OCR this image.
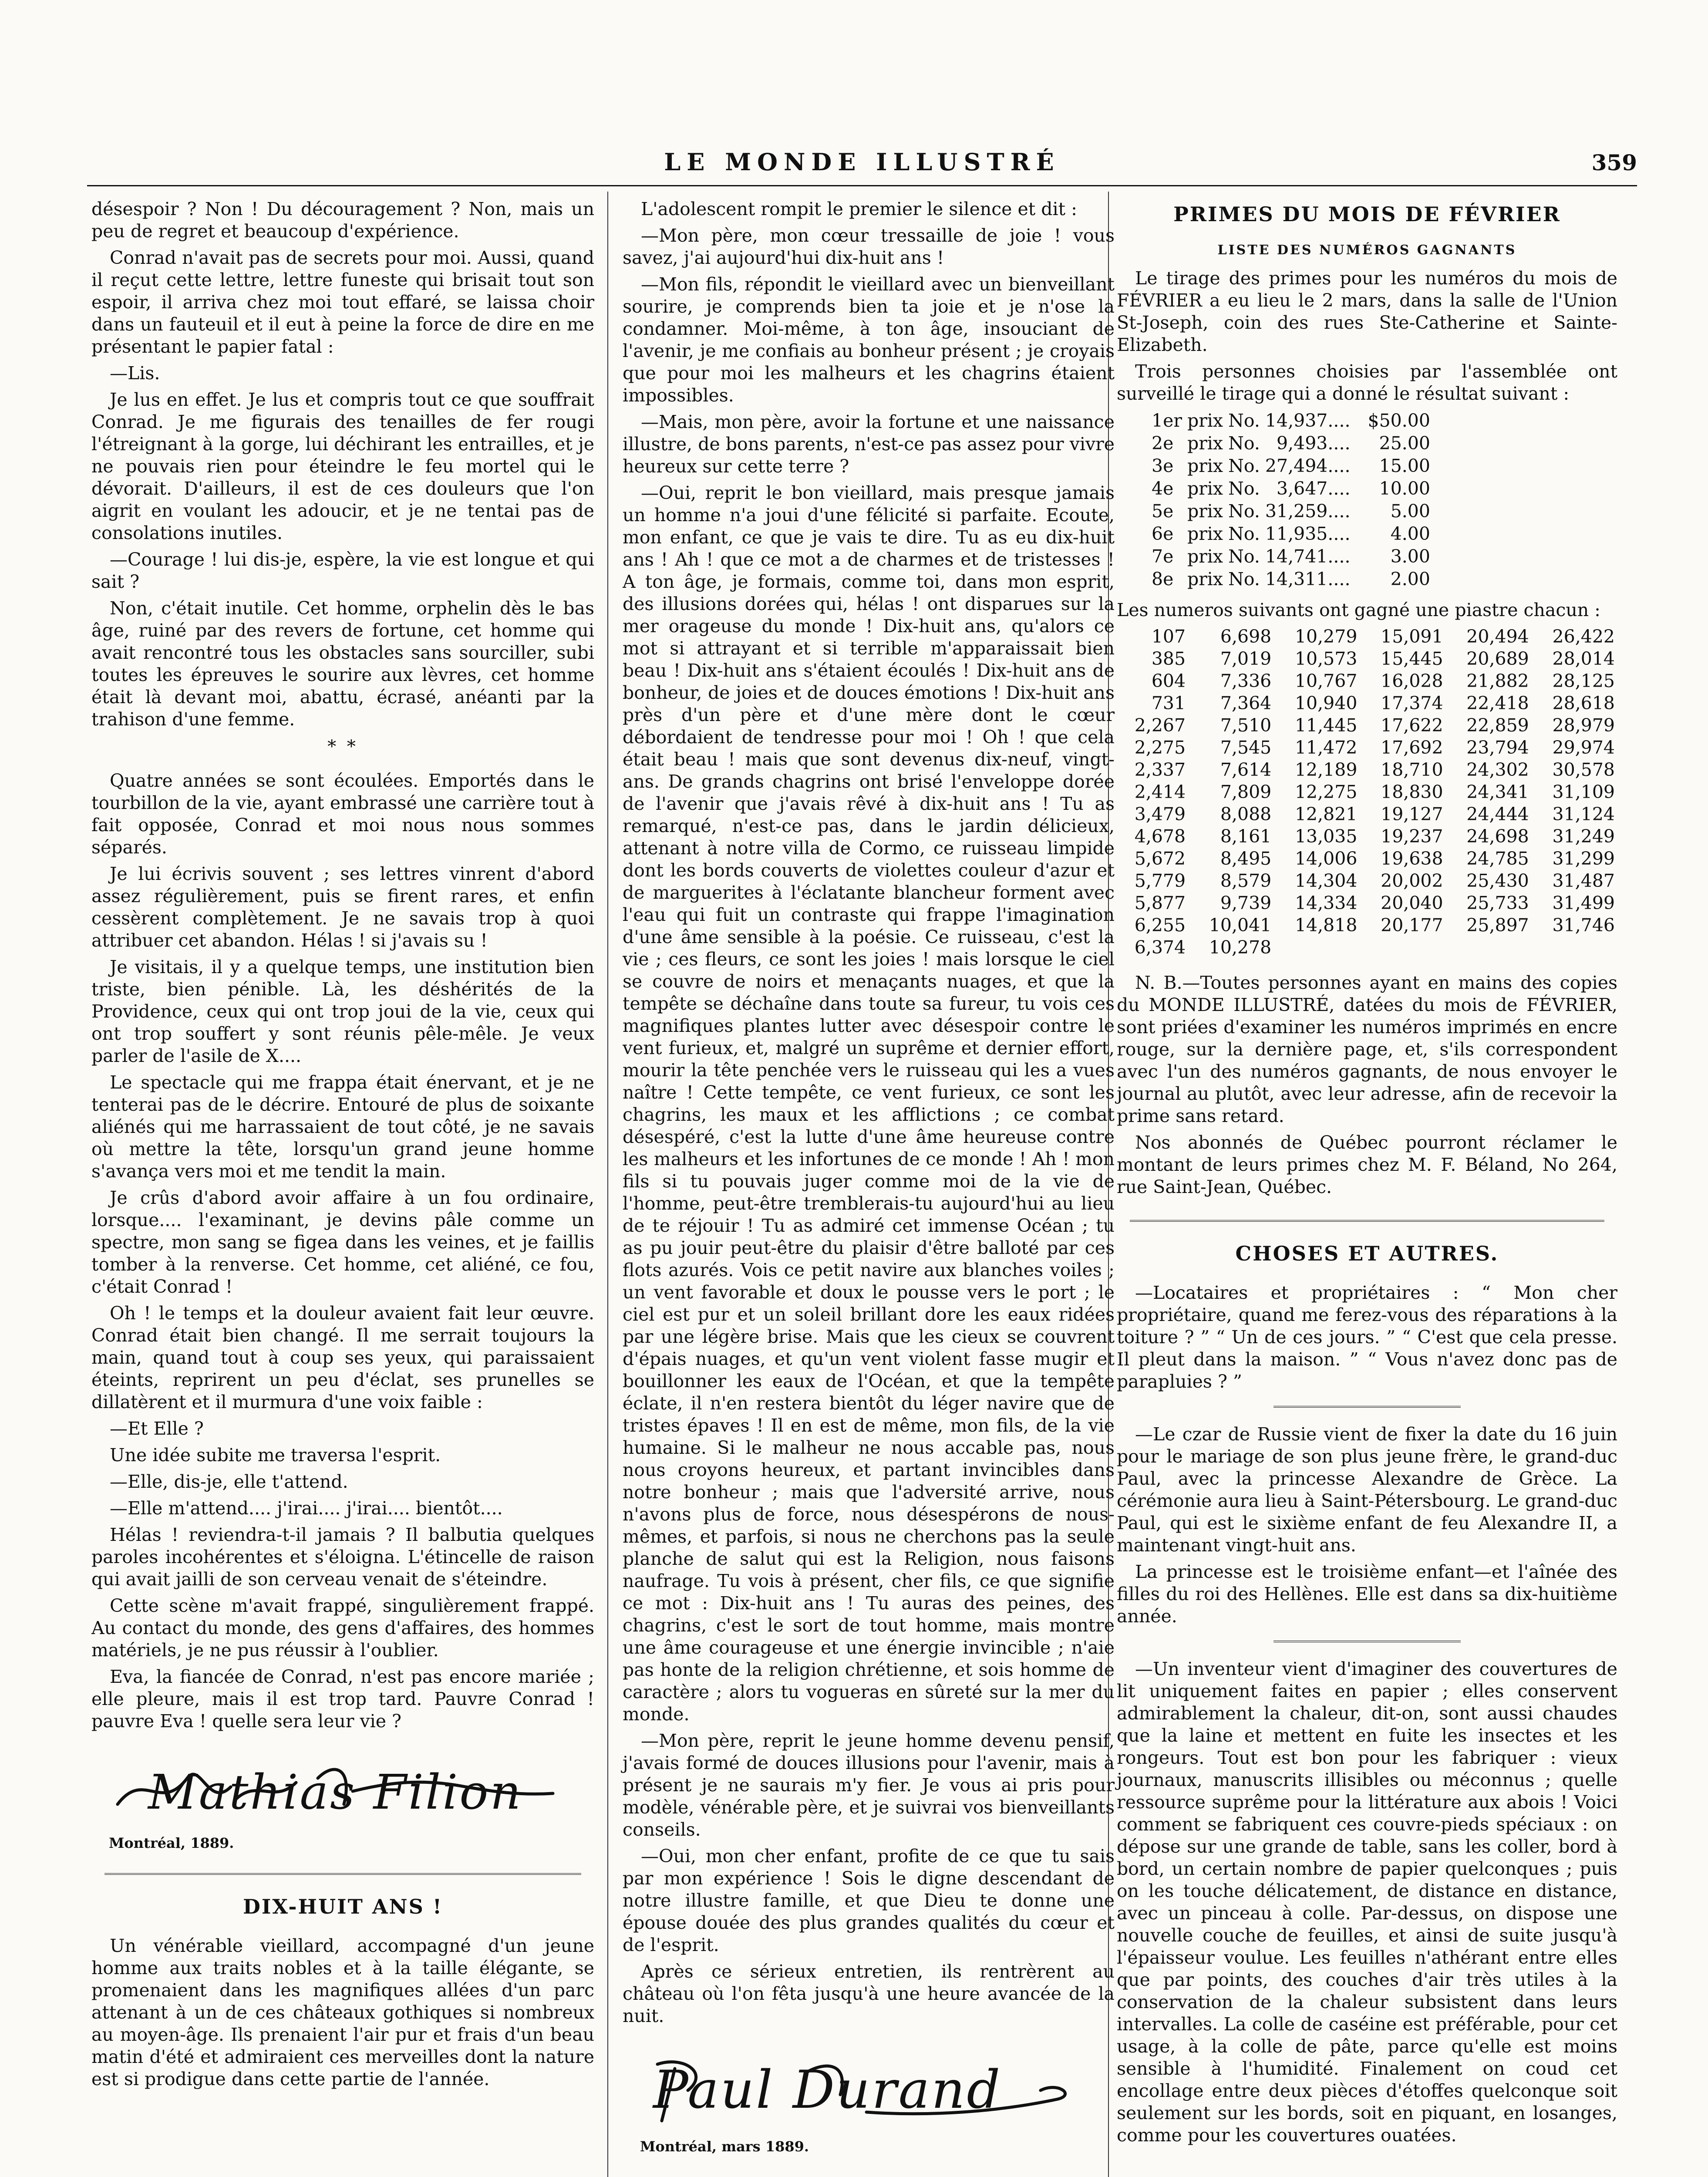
LE MONDE ILLUSTRÉ	359

désespoir ? Non ! Du découragement ? Non, mais un peu de regret et beaucoup d'expérience.

Conrad n'avait pas de secrets pour moi. Aussi, quand il reçut cette lettre, lettre funeste qui brisait tout son espoir, il arriva chez moi tout effaré, se laissa choir dans un fauteuil et il eut à peine la force de dire en me présentant le papier fatal :

—Lis.

Je lus en effet. Je lus et compris tout ce que souffrait Conrad. Je me figurais des tenailles de fer rougi l'étreignant à la gorge, lui déchirant les entrailles, et je ne pouvais rien pour éteindre le feu mortel qui le dévorait. D'ailleurs, il est de ces douleurs que l'on aigrit en voulant les adoucir, et je ne tentai pas de consolations inutiles.

—Courage ! lui dis-je, espère, la vie est longue et qui sait ?

Non, c'était inutile. Cet homme, orphelin dès le bas âge, ruiné par des revers de fortune, cet homme qui avait rencontré tous les obstacles sans sourciller, subi toutes les épreuves le sourire aux lèvres, cet homme était là devant moi, abattu, écrasé, anéanti par la trahison d'une femme.

* *

Quatre années se sont écoulées. Emportés dans le tourbillon de la vie, ayant embrassé une carrière tout à fait opposée, Conrad et moi nous nous sommes séparés.

Je lui écrivis souvent ; ses lettres vinrent d'abord assez régulièrement, puis se firent rares, et enfin cessèrent complètement. Je ne savais trop à quoi attribuer cet abandon. Hélas ! si j'avais su !

Je visitais, il y a quelque temps, une institution bien triste, bien pénible. Là, les déshérités de la Providence, ceux qui ont trop joui de la vie, ceux qui ont trop souffert y sont réunis pêle-mêle. Je veux parler de l'asile de X....

Le spectacle qui me frappa était énervant, et je ne tenterai pas de le décrire. Entouré de plus de soixante aliénés qui me harrassaient de tout côté, je ne savais où mettre la tête, lorsqu'un grand jeune homme s'avança vers moi et me tendit la main.

Je crûs d'abord avoir affaire à un fou ordinaire, lorsque.... l'examinant, je devins pâle comme un spectre, mon sang se figea dans les veines, et je faillis tomber à la renverse. Cet homme, cet aliéné, ce fou, c'était Conrad !

Oh ! le temps et la douleur avaient fait leur œuvre. Conrad était bien changé. Il me serrait toujours la main, quand tout à coup ses yeux, qui paraissaient éteints, reprirent un peu d'éclat, ses prunelles se dillatèrent et il murmura d'une voix faible :

—Et Elle ?

Une idée subite me traversa l'esprit.

—Elle, dis-je, elle t'attend.

—Elle m'attend.... j'irai.... j'irai.... bientôt....

Hélas ! reviendra-t-il jamais ? Il balbutia quelques paroles incohérentes et s'éloigna. L'étincelle de raison qui avait jailli de son cerveau venait de s'éteindre.

Cette scène m'avait frappé, singulièrement frappé. Au contact du monde, des gens d'affaires, des hommes matériels, je ne pus réussir à l'oublier.

Eva, la fiancée de Conrad, n'est pas encore mariée ; elle pleure, mais il est trop tard. Pauvre Conrad ! pauvre Eva ! quelle sera leur vie ?

Mathias Filion
Montréal, 1889.
DIX-HUIT ANS !

Un vénérable vieillard, accompagné d'un jeune homme aux traits nobles et à la taille élégante, se promenaient dans les magnifiques allées d'un parc attenant à un de ces châteaux gothiques si nombreux au moyen-âge. Ils prenaient l'air pur et frais d'un beau matin d'été et admiraient ces merveilles dont la nature est si prodigue dans cette partie de l'année.

L'adolescent rompit le premier le silence et dit :

—Mon père, mon cœur tressaille de joie ! vous savez, j'ai aujourd'hui dix-huit ans !

—Mon fils, répondit le vieillard avec un bienveillant sourire, je comprends bien ta joie et je n'ose la condamner. Moi-même, à ton âge, insouciant de l'avenir, je me confiais au bonheur présent ; je croyais que pour moi les malheurs et les chagrins étaient impossibles.

—Mais, mon père, avoir la fortune et une naissance illustre, de bons parents, n'est-ce pas assez pour vivre heureux sur cette terre ?

—Oui, reprit le bon vieillard, mais presque jamais un homme n'a joui d'une félicité si parfaite. Ecoute, mon enfant, ce que je vais te dire. Tu as eu dix-huit ans ! Ah ! que ce mot a de charmes et de tristesses ! A ton âge, je formais, comme toi, dans mon esprit, des illusions dorées qui, hélas ! ont disparues sur la mer orageuse du monde ! Dix-huit ans, qu'alors ce mot si attrayant et si terrible m'apparaissait bien beau ! Dix-huit ans s'étaient écoulés ! Dix-huit ans de bonheur, de joies et de douces émotions ! Dix-huit ans près d'un père et d'une mère dont le cœur débordaient de tendresse pour moi ! Oh ! que cela était beau ! mais que sont devenus dix-neuf, vingt-ans. De grands chagrins ont brisé l'enveloppe dorée de l'avenir que j'avais rêvé à dix-huit ans ! Tu as remarqué, n'est-ce pas, dans le jardin délicieux, attenant à notre villa de Cormo, ce ruisseau limpide dont les bords couverts de violettes couleur d'azur et de marguerites à l'éclatante blancheur forment avec l'eau qui fuit un contraste qui frappe l'imagination d'une âme sensible à la poésie. Ce ruisseau, c'est la vie ; ces fleurs, ce sont les joies ! mais lorsque le ciel se couvre de noirs et menaçants nuages, et que la tempête se déchaîne dans toute sa fureur, tu vois ces magnifiques plantes lutter avec désespoir contre le vent furieux, et, malgré un suprême et dernier effort, mourir la tête penchée vers le ruisseau qui les a vues naître ! Cette tempête, ce vent furieux, ce sont les chagrins, les maux et les afflictions ; ce combat désespéré, c'est la lutte d'une âme heureuse contre les malheurs et les infortunes de ce monde ! Ah ! mon fils si tu pouvais juger comme moi de la vie de l'homme, peut-être tremblerais-tu aujourd'hui au lieu de te réjouir ! Tu as admiré cet immense Océan ; tu as pu jouir peut-être du plaisir d'être balloté par ces flots azurés. Vois ce petit navire aux blanches voiles ; un vent favorable et doux le pousse vers le port ; le ciel est pur et un soleil brillant dore les eaux ridées par une légère brise. Mais que les cieux se couvrent d'épais nuages, et qu'un vent violent fasse mugir et bouillonner les eaux de l'Océan, et que la tempête éclate, il n'en restera bientôt du léger navire que de tristes épaves ! Il en est de même, mon fils, de la vie humaine. Si le malheur ne nous accable pas, nous nous croyons heureux, et partant invincibles dans notre bonheur ; mais que l'adversité arrive, nous n'avons plus de force, nous désespérons de nous-mêmes, et parfois, si nous ne cherchons pas la seule planche de salut qui est la Religion, nous faisons naufrage. Tu vois à présent, cher fils, ce que signifie ce mot : Dix-huit ans ! Tu auras des peines, des chagrins, c'est le sort de tout homme, mais montre une âme courageuse et une énergie invincible ; n'aie pas honte de la religion chrétienne, et sois homme de caractère ; alors tu vogueras en sûreté sur la mer du monde.

—Mon père, reprit le jeune homme devenu pensif, j'avais formé de douces illusions pour l'avenir, mais à présent je ne saurais m'y fier. Je vous ai pris pour modèle, vénérable père, et je suivrai vos bienveillants conseils.

—Oui, mon cher enfant, profite de ce que tu sais par mon expérience ! Sois le digne descendant de notre illustre famille, et que Dieu te donne une épouse douée des plus grandes qualités du cœur et de l'esprit.

Après ce sérieux entretien, ils rentrèrent au château où l'on fêta jusqu'à une heure avancée de la nuit.

Paul Durand
Montréal, mars 1889.
PRIMES DU MOIS DE FÉVRIER
LISTE DES NUMÉROS GAGNANTS

Le tirage des primes pour les numéros du mois de FÉVRIER a eu lieu le 2 mars, dans la salle de l'Union St-Joseph, coin des rues Ste-Catherine et Sainte-Elizabeth.

Trois personnes choisies par l'assemblée ont surveillé le tirage qui a donné le résultat suivant :

1er	prix	No.	14,937....	$50.00
2e	prix	No.	9,493....	25.00
3e	prix	No.	27,494....	15.00
4e	prix	No.	3,647....	10.00
5e	prix	No.	31,259....	5.00
6e	prix	No.	11,935....	4.00
7e	prix	No.	14,741....	3.00
8e	prix	No.	14,311....	2.00

Les numeros suivants ont gagné une piastre chacun :

107	6,698	10,279	15,091	20,494	26,422
385	7,019	10,573	15,445	20,689	28,014
604	7,336	10,767	16,028	21,882	28,125
731	7,364	10,940	17,374	22,418	28,618
2,267	7,510	11,445	17,622	22,859	28,979
2,275	7,545	11,472	17,692	23,794	29,974
2,337	7,614	12,189	18,710	24,302	30,578
2,414	7,809	12,275	18,830	24,341	31,109
3,479	8,088	12,821	19,127	24,444	31,124
4,678	8,161	13,035	19,237	24,698	31,249
5,672	8,495	14,006	19,638	24,785	31,299
5,779	8,579	14,304	20,002	25,430	31,487
5,877	9,739	14,334	20,040	25,733	31,499
6,255	10,041	14,818	20,177	25,897	31,746
6,374	10,278				

N. B.—Toutes personnes ayant en mains des copies du MONDE ILLUSTRÉ, datées du mois de FÉVRIER, sont priées d'examiner les numéros imprimés en encre rouge, sur la dernière page, et, s'ils correspondent avec l'un des numéros gagnants, de nous envoyer le journal au plutôt, avec leur adresse, afin de recevoir la prime sans retard.

Nos abonnés de Québec pourront réclamer le montant de leurs primes chez M. F. Béland, No 264, rue Saint-Jean, Québec.

CHOSES ET AUTRES.

—Locataires et propriétaires : “ Mon cher propriétaire, quand me ferez-vous des réparations à la toiture ? ” “ Un de ces jours. ” “ C'est que cela presse. Il pleut dans la maison. ” “ Vous n'avez donc pas de parapluies ? ”

—Le czar de Russie vient de fixer la date du 16 juin pour le mariage de son plus jeune frère, le grand-duc Paul, avec la princesse Alexandre de Grèce. La cérémonie aura lieu à Saint-Pétersbourg. Le grand-duc Paul, qui est le sixième enfant de feu Alexandre II, a maintenant vingt-huit ans.

La princesse est le troisième enfant—et l'aînée des filles du roi des Hellènes. Elle est dans sa dix-huitième année.

—Un inventeur vient d'imaginer des couvertures de lit uniquement faites en papier ; elles conservent admirablement la chaleur, dit-on, sont aussi chaudes que la laine et mettent en fuite les insectes et les rongeurs. Tout est bon pour les fabriquer : vieux journaux, manuscrits illisibles ou méconnus ; quelle ressource suprême pour la littérature aux abois ! Voici comment se fabriquent ces couvre-pieds spéciaux : on dépose sur une grande de table, sans les coller, bord à bord, un certain nombre de papier quelconques ; puis on les touche délicatement, de distance en distance, avec un pinceau à colle. Par-dessus, on dispose une nouvelle couche de feuilles, et ainsi de suite jusqu'à l'épaisseur voulue. Les feuilles n'athérant entre elles que par points, des couches d'air très utiles à la conservation de la chaleur subsistent dans leurs intervalles. La colle de caséine est préférable, pour cet usage, à la colle de pâte, parce qu'elle est moins sensible à l'humidité. Finalement on coud cet encollage entre deux pièces d'étoffes quelconque soit seulement sur les bords, soit en piquant, en losanges, comme pour les couvertures ouatées.
